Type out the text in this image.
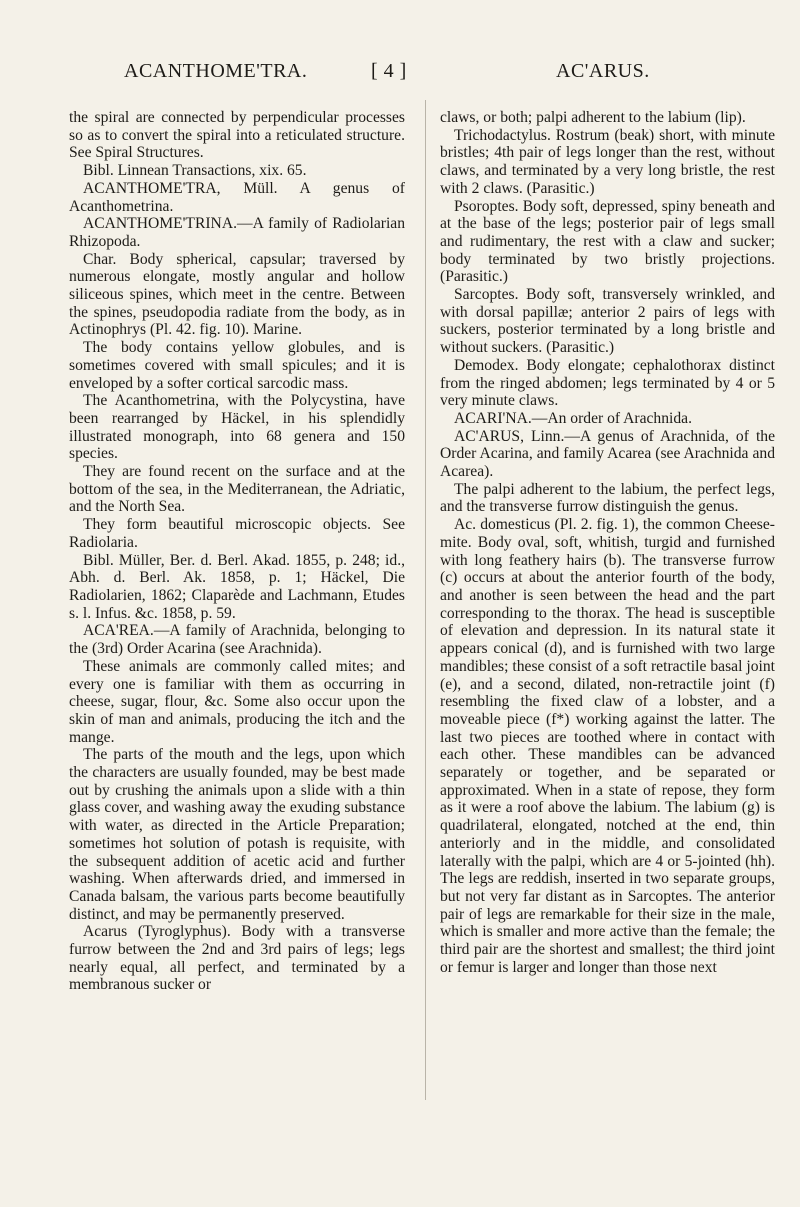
ACANTHOME'TRA.	[ 4 ]	AC'ARUS.

the spiral are connected by perpendicular processes so as to convert the spiral into a reticulated structure. See Spiral Structures.

Bibl. Linnean Transactions, xix. 65.

ACANTHOME'TRA, Müll. A genus of Acanthometrina.

ACANTHOME'TRINA.—A family of Radiolarian Rhizopoda.

Char. Body spherical, capsular; traversed by numerous elongate, mostly angular and hollow siliceous spines, which meet in the centre. Between the spines, pseudopodia radiate from the body, as in Actinophrys (Pl. 42. fig. 10). Marine.

The body contains yellow globules, and is sometimes covered with small spicules; and it is enveloped by a softer cortical sarcodic mass.

The Acanthometrina, with the Polycystina, have been rearranged by Häckel, in his splendidly illustrated monograph, into 68 genera and 150 species.

They are found recent on the surface and at the bottom of the sea, in the Mediterranean, the Adriatic, and the North Sea.

They form beautiful microscopic objects. See Radiolaria.

Bibl. Müller, Ber. d. Berl. Akad. 1855, p. 248; id., Abh. d. Berl. Ak. 1858, p. 1; Häckel, Die Radiolarien, 1862; Claparède and Lachmann, Etudes s. l. Infus. &c. 1858, p. 59.

ACA'REA.—A family of Arachnida, belonging to the (3rd) Order Acarina (see Arachnida).

These animals are commonly called mites; and every one is familiar with them as occurring in cheese, sugar, flour, &c. Some also occur upon the skin of man and animals, producing the itch and the mange.

The parts of the mouth and the legs, upon which the characters are usually founded, may be best made out by crushing the animals upon a slide with a thin glass cover, and washing away the exuding substance with water, as directed in the Article Preparation; sometimes hot solution of potash is requisite, with the subsequent addition of acetic acid and further washing. When afterwards dried, and immersed in Canada balsam, the various parts become beautifully distinct, and may be permanently preserved.

Acarus (Tyroglyphus). Body with a transverse furrow between the 2nd and 3rd pairs of legs; legs nearly equal, all perfect, and terminated by a membranous sucker or

claws, or both; palpi adherent to the labium (lip).

Trichodactylus. Rostrum (beak) short, with minute bristles; 4th pair of legs longer than the rest, without claws, and terminated by a very long bristle, the rest with 2 claws. (Parasitic.)

Psoroptes. Body soft, depressed, spiny beneath and at the base of the legs; posterior pair of legs small and rudimentary, the rest with a claw and sucker; body terminated by two bristly projections. (Parasitic.)

Sarcoptes. Body soft, transversely wrinkled, and with dorsal papillæ; anterior 2 pairs of legs with suckers, posterior terminated by a long bristle and without suckers. (Parasitic.)

Demodex. Body elongate; cephalothorax distinct from the ringed abdomen; legs terminated by 4 or 5 very minute claws.

ACARI'NA.—An order of Arachnida.

AC'ARUS, Linn.—A genus of Arachnida, of the Order Acarina, and family Acarea (see Arachnida and Acarea).

The palpi adherent to the labium, the perfect legs, and the transverse furrow distinguish the genus.

Ac. domesticus (Pl. 2. fig. 1), the common Cheese-mite. Body oval, soft, whitish, turgid and furnished with long feathery hairs (b). The transverse furrow (c) occurs at about the anterior fourth of the body, and another is seen between the head and the part corresponding to the thorax. The head is susceptible of elevation and depression. In its natural state it appears conical (d), and is furnished with two large mandibles; these consist of a soft retractile basal joint (e), and a second, dilated, non-retractile joint (f) resembling the fixed claw of a lobster, and a moveable piece (f*) working against the latter. The last two pieces are toothed where in contact with each other. These mandibles can be advanced separately or together, and be separated or approximated. When in a state of repose, they form as it were a roof above the labium. The labium (g) is quadrilateral, elongated, notched at the end, thin anteriorly and in the middle, and consolidated laterally with the palpi, which are 4 or 5-jointed (hh). The legs are reddish, inserted in two separate groups, but not very far distant as in Sarcoptes. The anterior pair of legs are remarkable for their size in the male, which is smaller and more active than the female; the third pair are the shortest and smallest; the third joint or femur is larger and longer than those next
